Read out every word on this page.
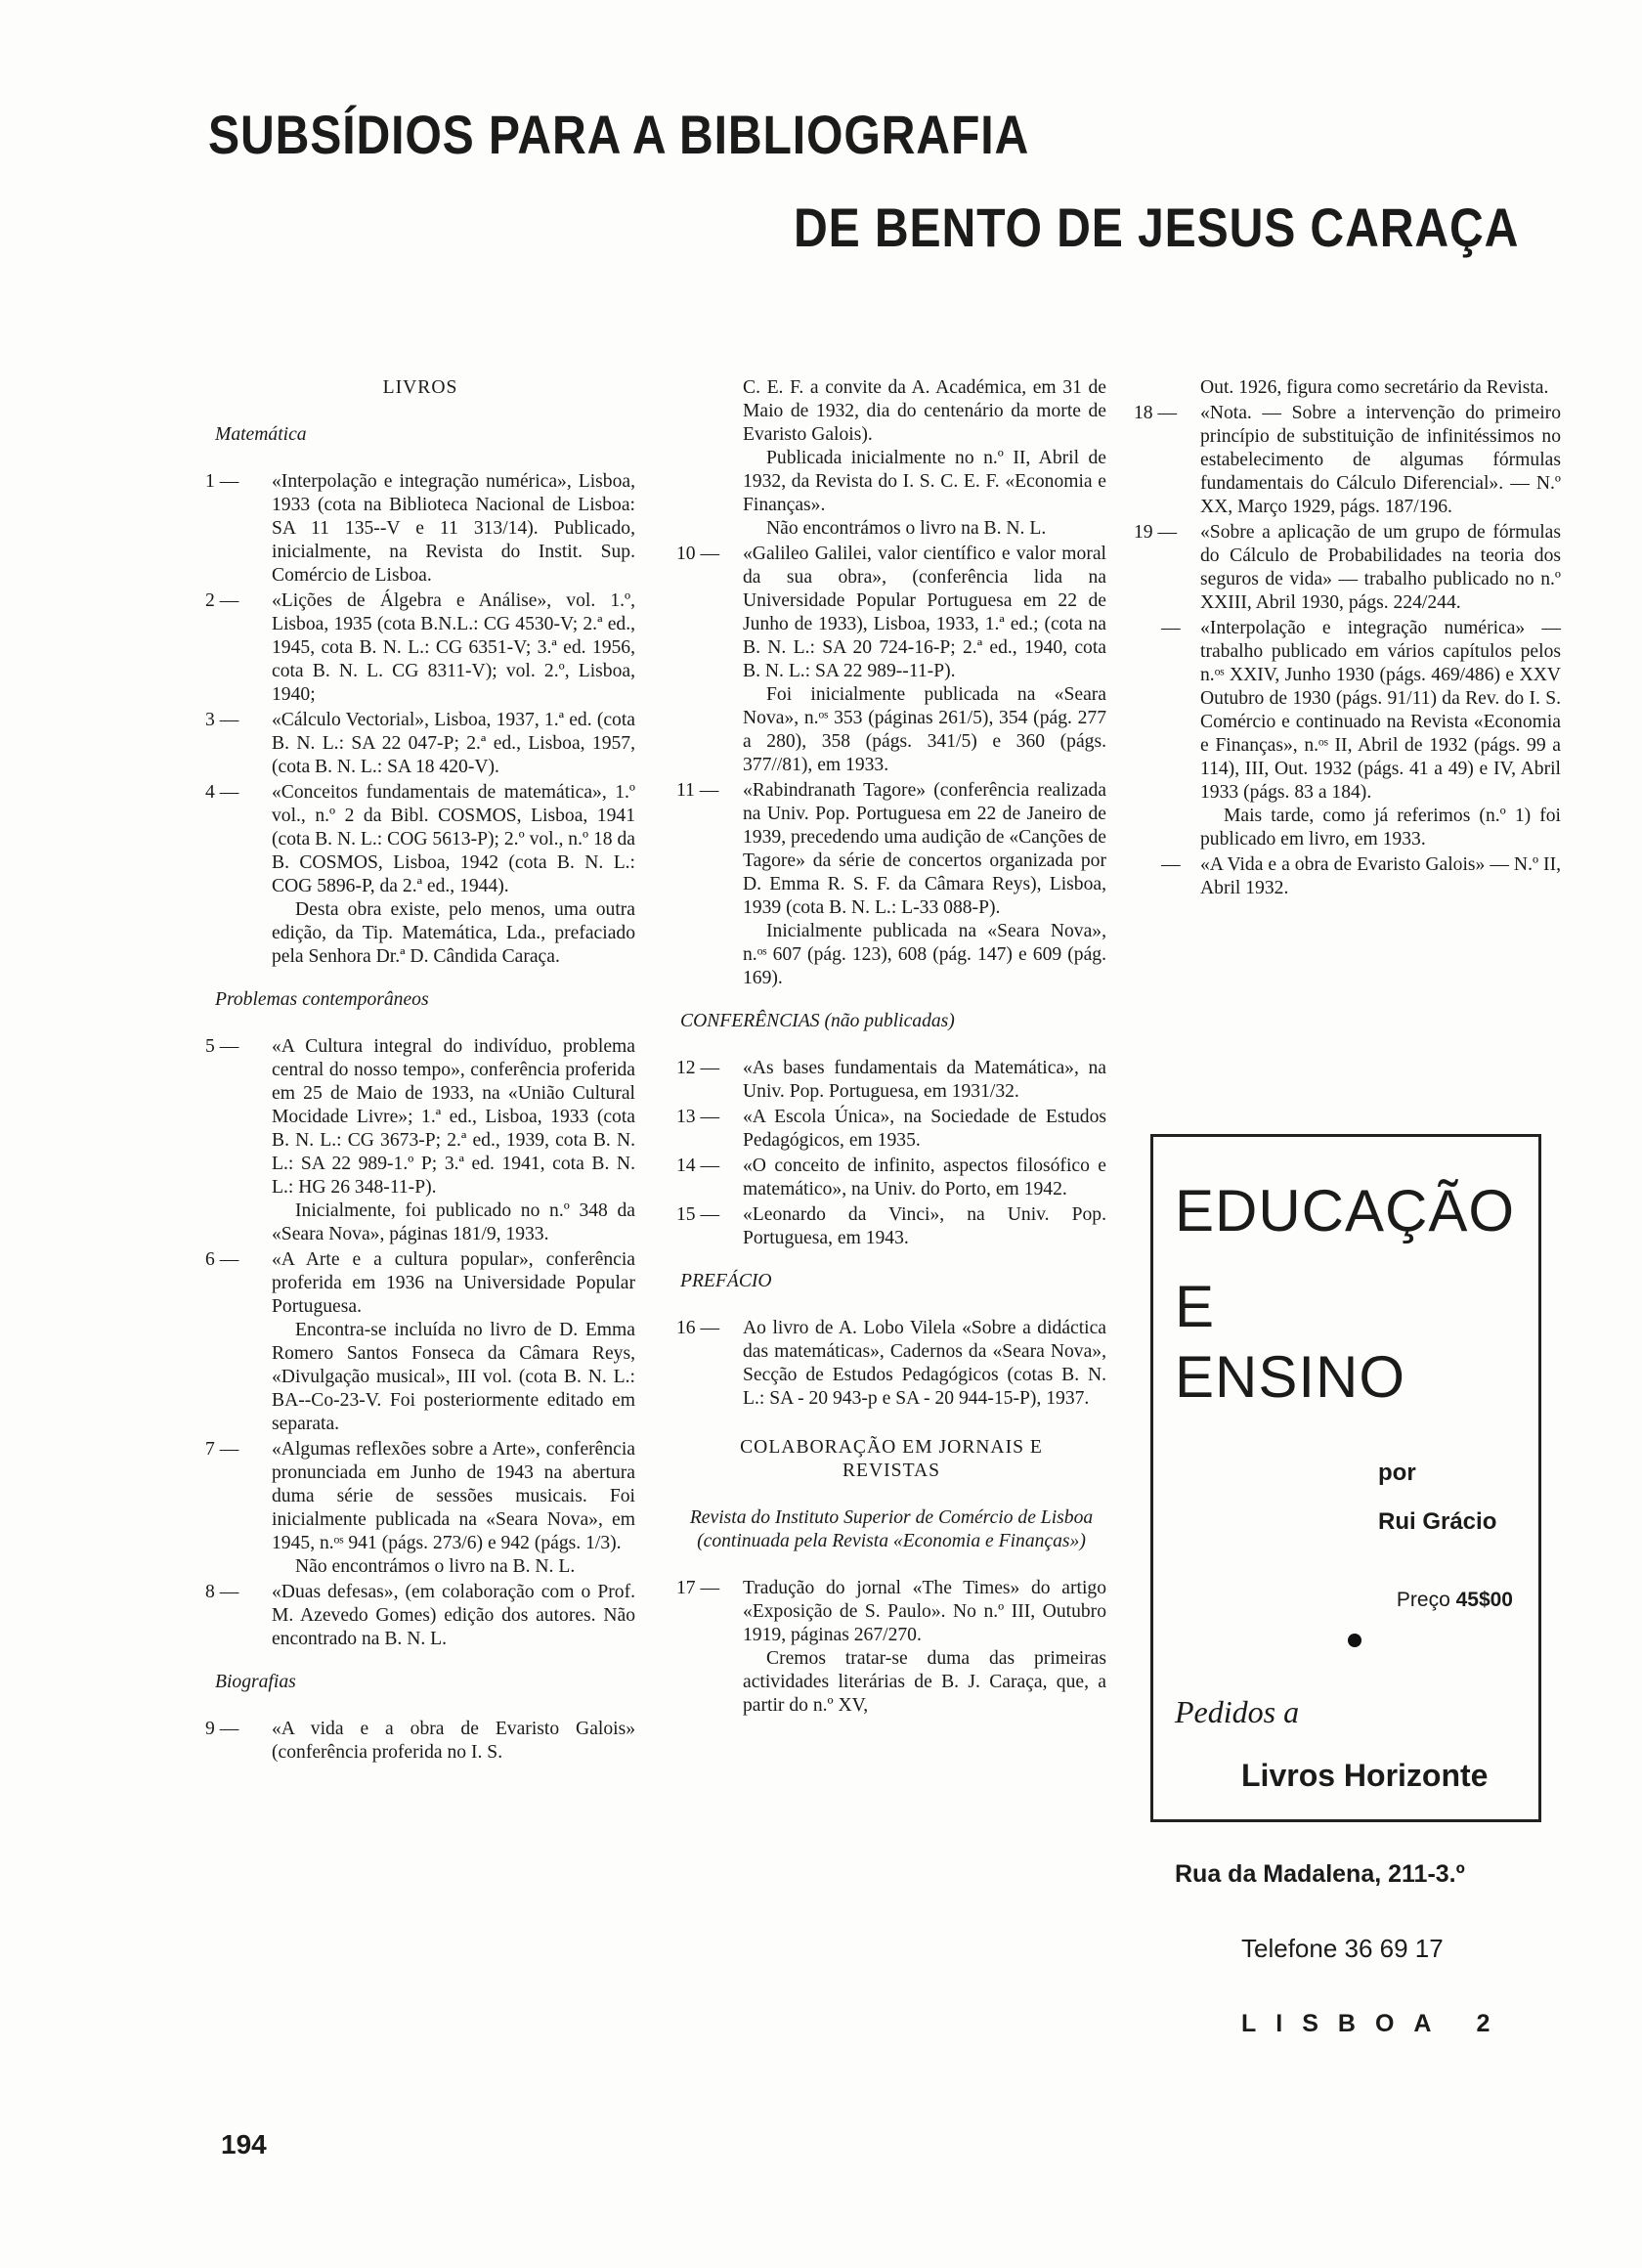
SUBSÍDIOS PARA A BIBLIOGRAFIA
DE BENTO DE JESUS CARAÇA

LIVROS

Matemática

1 — «Interpolação e integração numérica», Lisboa, 1933 (cota na Biblioteca Nacional de Lisboa: SA 11 135--V e 11 313/14). Publicado, inicialmente, na Revista do Instit. Sup. Comércio de Lisboa.
2 — «Lições de Álgebra e Análise», vol. 1.º, Lisboa, 1935 (cota B.N.L.: CG 4530-V; 2.ª ed., 1945, cota B. N. L.: CG 6351-V; 3.ª ed. 1956, cota B. N. L. CG 8311-V); vol. 2.º, Lisboa, 1940;
3 — «Cálculo Vectorial», Lisboa, 1937, 1.ª ed. (cota B. N. L.: SA 22 047-P; 2.ª ed., Lisboa, 1957, (cota B. N. L.: SA 18 420-V).
4 — «Conceitos fundamentais de matemática», 1.º vol., n.º 2 da Bibl. COSMOS, Lisboa, 1941 (cota B. N. L.: COG 5613-P); 2.º vol., n.º 18 da B. COSMOS, Lisboa, 1942 (cota B. N. L.: COG 5896-P, da 2.ª ed., 1944).

Desta obra existe, pelo menos, uma outra edição, da Tip. Matemática, Lda., prefaciado pela Senhora Dr.ª D. Cândida Caraça.

Problemas contemporâneos

5 — «A Cultura integral do indivíduo, problema central do nosso tempo», conferência proferida em 25 de Maio de 1933, na «União Cultural Mocidade Livre»; 1.ª ed., Lisboa, 1933 (cota B. N. L.: CG 3673-P; 2.ª ed., 1939, cota B. N. L.: SA 22 989-1.º P; 3.ª ed. 1941, cota B. N. L.: HG 26 348-11-P).

Inicialmente, foi publicado no n.º 348 da «Seara Nova», páginas 181/9, 1933.

6 — «A Arte e a cultura popular», conferência proferida em 1936 na Universidade Popular Portuguesa.

Encontra-se incluída no livro de D. Emma Romero Santos Fonseca da Câmara Reys, «Divulgação musical», III vol. (cota B. N. L.: BA--Co-23-V. Foi posteriormente editado em separata.

7 — «Algumas reflexões sobre a Arte», conferência pronunciada em Junho de 1943 na abertura duma série de sessões musicais. Foi inicialmente publicada na «Seara Nova», em 1945, n.ᵒˢ 941 (págs. 273/6) e 942 (págs. 1/3).

Não encontrámos o livro na B. N. L.

8 — «Duas defesas», (em colaboração com o Prof. M. Azevedo Gomes) edição dos autores. Não encontrado na B. N. L.

Biografias

9 — «A vida e a obra de Evaristo Galois» (conferência proferida no I. S.
C. E. F. a convite da A. Académica, em 31 de Maio de 1932, dia do centenário da morte de Evaristo Galois).

Publicada inicialmente no n.º II, Abril de 1932, da Revista do I. S. C. E. F. «Economia e Finanças».

Não encontrámos o livro na B. N. L.

10 — «Galileo Galilei, valor científico e valor moral da sua obra», (conferência lida na Universidade Popular Portuguesa em 22 de Junho de 1933), Lisboa, 1933, 1.ª ed.; (cota na B. N. L.: SA 20 724-16-P; 2.ª ed., 1940, cota B. N. L.: SA 22 989--11-P).

Foi inicialmente publicada na «Seara Nova», n.ᵒˢ 353 (páginas 261/5), 354 (pág. 277 a 280), 358 (págs. 341/5) e 360 (págs. 377//81), em 1933.

11 — «Rabindranath Tagore» (conferência realizada na Univ. Pop. Portuguesa em 22 de Janeiro de 1939, precedendo uma audição de «Canções de Tagore» da série de concertos organizada por D. Emma R. S. F. da Câmara Reys), Lisboa, 1939 (cota B. N. L.: L-33 088-P).

Inicialmente publicada na «Seara Nova», n.ᵒˢ 607 (pág. 123), 608 (pág. 147) e 609 (pág. 169).

CONFERÊNCIAS (não publicadas)

12 — «As bases fundamentais da Matemática», na Univ. Pop. Portuguesa, em 1931/32.
13 — «A Escola Única», na Sociedade de Estudos Pedagógicos, em 1935.
14 — «O conceito de infinito, aspectos filosófico e matemático», na Univ. do Porto, em 1942.
15 — «Leonardo da Vinci», na Univ. Pop. Portuguesa, em 1943.

PREFÁCIO

16 — Ao livro de A. Lobo Vilela «Sobre a didáctica das matemáticas», Cadernos da «Seara Nova», Secção de Estudos Pedagógicos (cotas B. N. L.: SA - 20 943-p e SA - 20 944-15-P), 1937.

COLABORAÇÃO EM JORNAIS E REVISTAS

Revista do Instituto Superior de Comércio de Lisboa (continuada pela Revista «Economia e Finanças»)

17 — Tradução do jornal «The Times» do artigo «Exposição de S. Paulo». No n.º III, Outubro 1919, páginas 267/270.

Cremos tratar-se duma das primeiras actividades literárias de B. J. Caraça, que, a partir do n.º XV,

Out. 1926, figura como secretário da Revista.
18 — «Nota. — Sobre a intervenção do primeiro princípio de substituição de infinitéssimos no estabelecimento de algumas fórmulas fundamentais do Cálculo Diferencial». — N.º XX, Março 1929, págs. 187/196.
19 — «Sobre a aplicação de um grupo de fórmulas do Cálculo de Probabilidades na teoria dos seguros de vida» — trabalho publicado no n.º XXIII, Abril 1930, págs. 224/244.
— «Interpolação e integração numérica» — trabalho publicado em vários capítulos pelos n.ᵒˢ XXIV, Junho 1930 (págs. 469/486) e XXV Outubro de 1930 (págs. 91/11) da Rev. do I. S. Comércio e continuado na Revista «Economia e Finanças», n.ᵒˢ II, Abril de 1932 (págs. 99 a 114), III, Out. 1932 (págs. 41 a 49) e IV, Abril 1933 (págs. 83 a 184).

Mais tarde, como já referimos (n.º 1) foi publicado em livro, em 1933.

— «A Vida e a obra de Evaristo Galois» — N.º II, Abril 1932.
EDUCAÇÃO
E
ENSINO
por
Rui Grácio
Preço 45$00
Pedidos a
Livros Horizonte
Rua da Madalena, 211-3.º
Telefone 36 69 17
LISBOA 2
194
